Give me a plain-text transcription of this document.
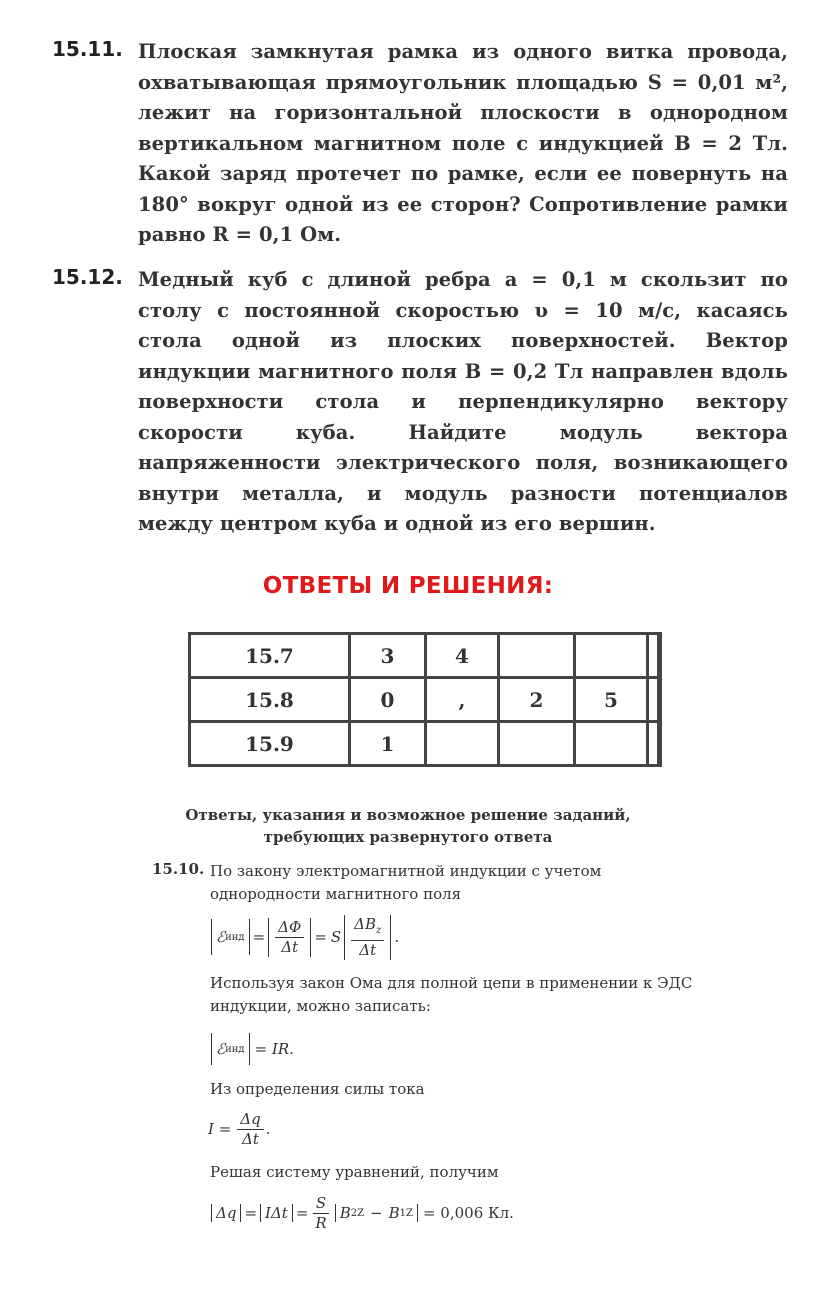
15.11. Плоская замкнутая рамка из одного витка провода, охватывающая прямоугольник площадью S = 0,01 м², лежит на горизонтальной плоскости в однородном вертикальном магнитном поле с индукцией B = 2 Тл. Какой заряд протечет по рамке, если ее повернуть на 180° вокруг одной из ее сторон? Сопротивление рамки равно R = 0,1 Ом.
15.12. Медный куб с длиной ребра a = 0,1 м скользит по столу с постоянной скоростью υ = 10 м/с, касаясь стола одной из плоских поверхностей. Вектор индукции магнитного поля B = 0,2 Тл направлен вдоль поверхности стола и перпендикулярно вектору скорости куба. Найдите модуль вектора напряженности электрического поля, возникающего внутри металла, и модуль разности потенциалов между центром куба и одной из его вершин.
ОТВЕТЫ И РЕШЕНИЯ:
15.7	3	4			
15.8	0	,	2	5	
15.9	1				
Ответы, указания и возможное решение заданий,
требующих развернутого ответа
15.10. По закону электромагнитной индукции с учетом однородности магнитного поля
ℰ инд = $\frac{\Delta\Phi}{\Delta t} = S \frac{\Delta B_z}{\Delta t}$ .
Используя закон Ома для полной цепи в применении к ЭДС индукции, можно записать:
ℰ инд = IR.
Из определения силы тока
$I = \frac{\Delta q}{\Delta t}$ .
Решая систему уравнений, получим
$\Delta q = I\Delta t = \frac{S}{R}$ B 2Z − B 1Z = 0,006 Кл.
